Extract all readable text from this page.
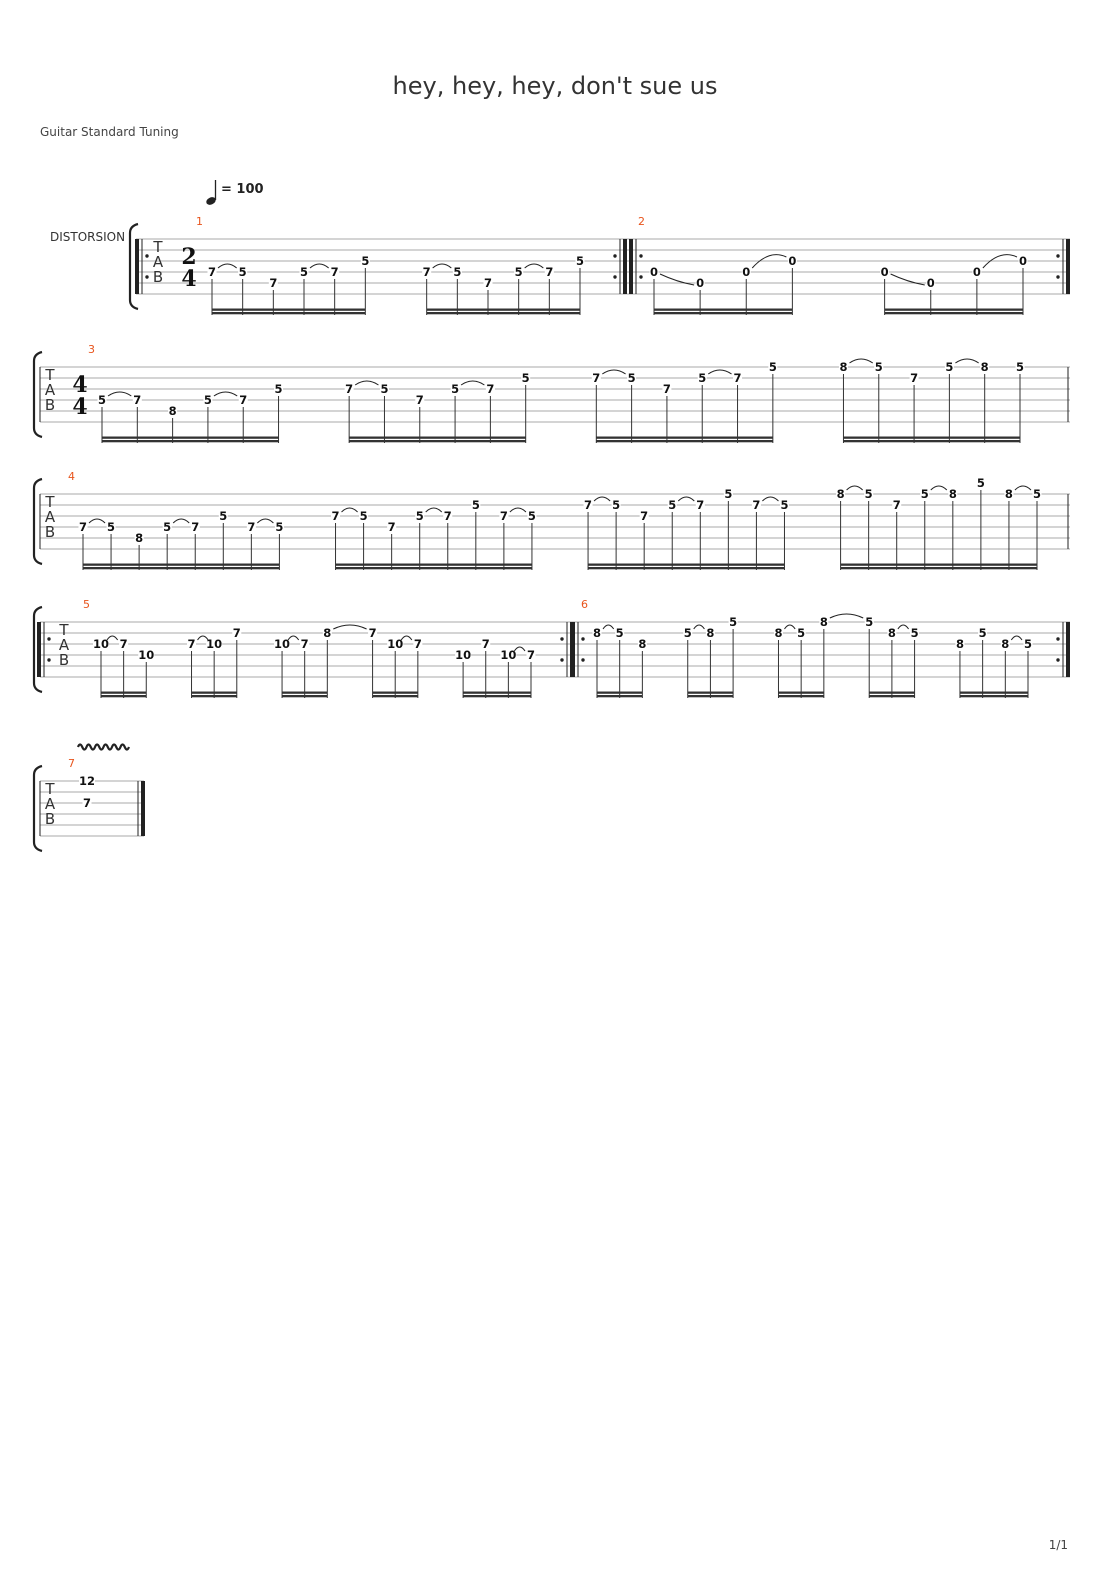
hey, hey, hey, don't sue us
Guitar Standard Tuning
1/1
= 100
DISTORSION
T
A
B
2
4
1
7 5
7
5 7
5
7 5
7
5 7
5
2
0
0
0
0
0
0
0
0
T
A
B
4
4
3
5 7
8
5 7
5	7 5
7
5 7
5	7 5
7
5 7
5	8 5
7
5 8 5
T
A
B
4
7 5
8
5 7
5
7 5
7 5
7
5 7
5
7 5
7 5
7
5 7
5
7 5
8 5
7
5 8
5
8 5
T
A
B
5
10 7
10
7 10
7
10 7
8	7
10 7
10
7
10 7
6
8 5
8
5 8
5
8 5
8	5
8 5
8
5
8 5
T
A
B
7
12
7
